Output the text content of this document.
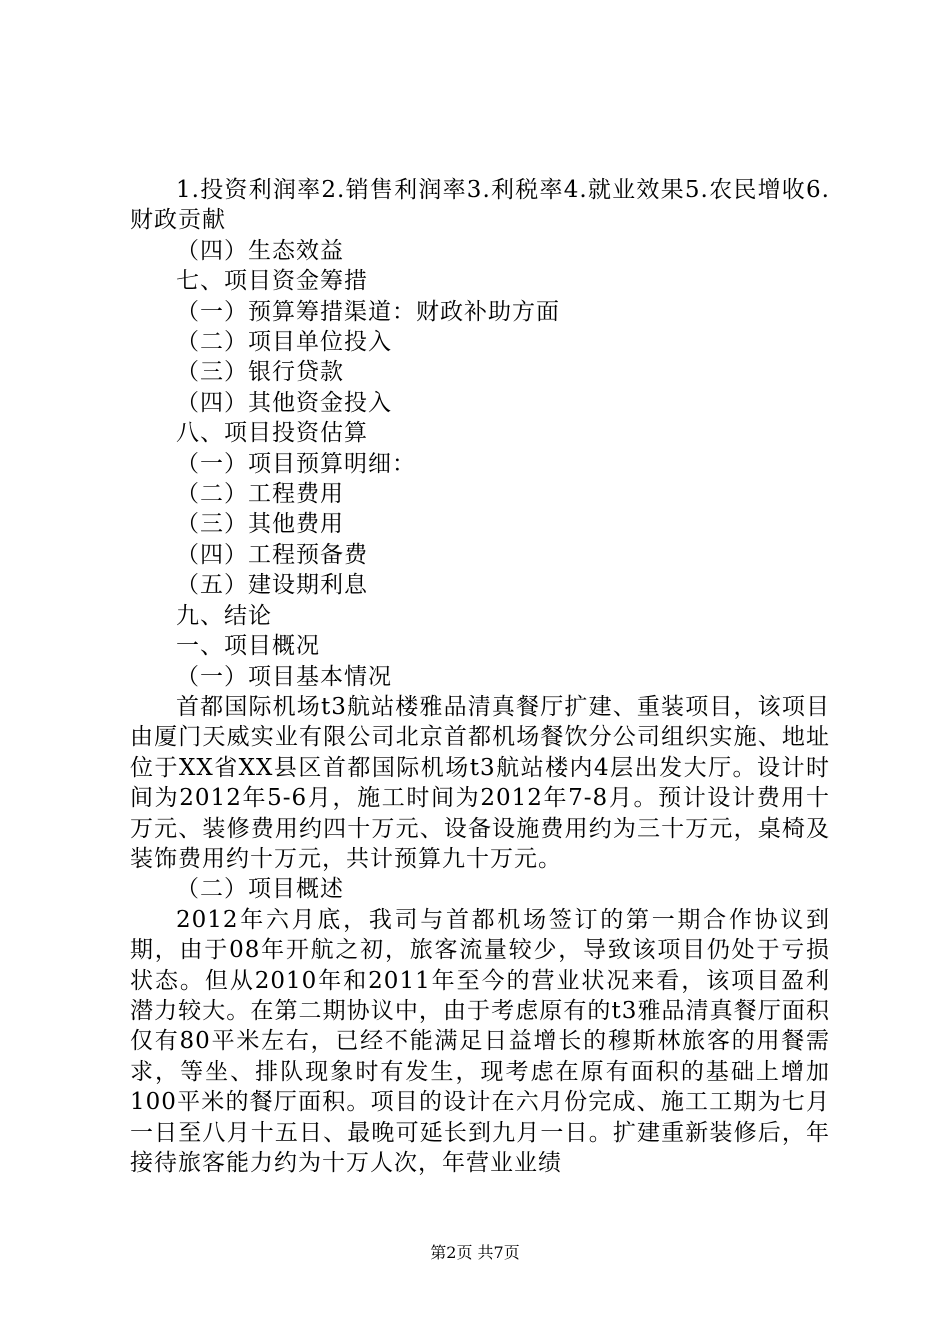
1.投资利润率2.销售利润率3.利税率4.就业效果5.农民增收6.财政贡献

（四）生态效益

七、项目资金筹措

（一）预算筹措渠道：财政补助方面

（二）项目单位投入

（三）银行贷款

（四）其他资金投入

八、项目投资估算

（一）项目预算明细：

（二）工程费用

（三）其他费用

（四）工程预备费

（五）建设期利息

九、结论

一、项目概况

（一）项目基本情况

首都国际机场t3航站楼雅品清真餐厅扩建、重装项目，该项目由厦门天威实业有限公司北京首都机场餐饮分公司组织实施、地址位于XX省XX县区首都国际机场t3航站楼内4层出发大厅。设计时间为2012年5-6月，施工时间为2012年7-8月。预计设计费用十万元、装修费用约四十万元、设备设施费用约为三十万元，桌椅及装饰费用约十万元，共计预算九十万元。

（二）项目概述

2012年六月底，我司与首都机场签订的第一期合作协议到期，由于08年开航之初，旅客流量较少，导致该项目仍处于亏损状态。但从2010年和2011年至今的营业状况来看，该项目盈利潜力较大。在第二期协议中，由于考虑原有的t3雅品清真餐厅面积仅有80平米左右，已经不能满足日益增长的穆斯林旅客的用餐需求，等坐、排队现象时有发生，现考虑在原有面积的基础上增加100平米的餐厅面积。项目的设计在六月份完成、施工工期为七月一日至八月十五日、最晚可延长到九月一日。扩建重新装修后，年接待旅客能力约为十万人次，年营业业绩

第2页 共7页
